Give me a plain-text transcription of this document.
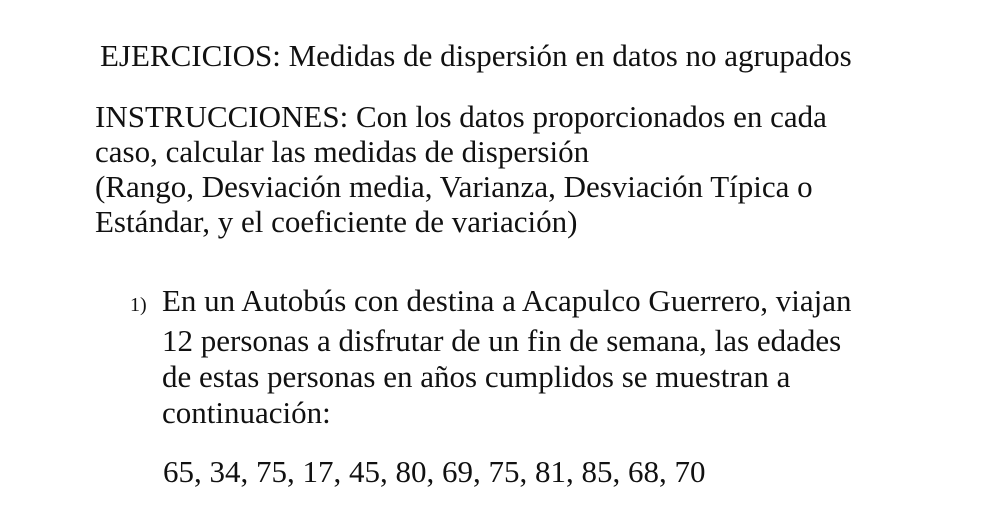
EJERCICIOS: Medidas de dispersión en datos no agrupados
INSTRUCCIONES: Con los datos proporcionados en cada
caso, calcular las medidas de dispersión
(Rango, Desviación media, Varianza, Desviación Típica o
Estándar, y el coeficiente de variación)
1) En un Autobús con destina a Acapulco Guerrero, viajan
12 personas a disfrutar de un fin de semana, las edades
de estas personas en años cumplidos se muestran a
continuación:
65, 34, 75, 17, 45, 80, 69, 75, 81, 85, 68, 70
